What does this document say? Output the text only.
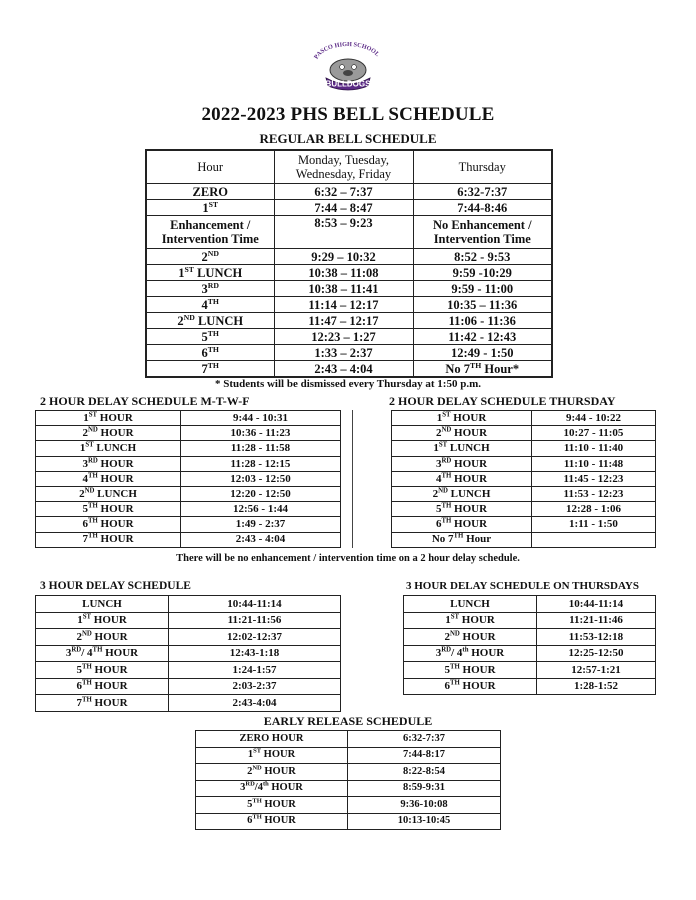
PASCO HIGH SCHOOL
BULLDOGS
2022-2023 PHS BELL SCHEDULE
REGULAR BELL SCHEDULE
Hour	Monday, Tuesday, Wednesday, Friday	Thursday
ZERO	6:32 – 7:37	6:32-7:37
1ST	7:44 – 8:47	7:44-8:46
Enhancement / Intervention Time	8:53 – 9:23	No Enhancement / Intervention Time
2ND	9:29 – 10:32	8:52 - 9:53
1ST LUNCH	10:38 – 11:08	9:59 -10:29
3RD	10:38 – 11:41	9:59 - 11:00
4TH	11:14 – 12:17	10:35 – 11:36
2ND LUNCH	11:47 – 12:17	11:06 - 11:36
5TH	12:23 – 1:27	11:42 - 12:43
6TH	1:33 – 2:37	12:49 - 1:50
7TH	2:43 – 4:04	No 7TH Hour*
* Students will be dismissed every Thursday at 1:50 p.m.
2 HOUR DELAY SCHEDULE M-T-W-F
1ST HOUR	9:44 - 10:31
2ND HOUR	10:36 - 11:23
1ST LUNCH	11:28 - 11:58
3RD HOUR	11:28 - 12:15
4TH HOUR	12:03 - 12:50
2ND LUNCH	12:20 - 12:50
5TH HOUR	12:56 - 1:44
6TH HOUR	1:49 - 2:37
7TH HOUR	2:43 - 4:04
2 HOUR DELAY SCHEDULE THURSDAY
1ST HOUR	9:44 - 10:22
2ND HOUR	10:27 - 11:05
1ST LUNCH	11:10 - 11:40
3RD HOUR	11:10 - 11:48
4TH HOUR	11:45 - 12:23
2ND LUNCH	11:53 - 12:23
5TH HOUR	12:28 - 1:06
6TH HOUR	1:11 - 1:50
No 7TH Hour	
There will be no enhancement / intervention time on a 2 hour delay schedule.
3 HOUR DELAY SCHEDULE
LUNCH	10:44-11:14
1ST HOUR	11:21-11:56
2ND HOUR	12:02-12:37
3RD/ 4TH HOUR	12:43-1:18
5TH HOUR	1:24-1:57
6TH HOUR	2:03-2:37
7TH HOUR	2:43-4:04
3 HOUR DELAY SCHEDULE ON THURSDAYS
LUNCH	10:44-11:14
1ST HOUR	11:21-11:46
2ND HOUR	11:53-12:18
3RD/ 4th HOUR	12:25-12:50
5TH HOUR	12:57-1:21
6TH HOUR	1:28-1:52
EARLY RELEASE SCHEDULE
ZERO HOUR	6:32-7:37
1ST HOUR	7:44-8:17
2ND HOUR	8:22-8:54
3RD/4th HOUR	8:59-9:31
5TH HOUR	9:36-10:08
6TH HOUR	10:13-10:45
